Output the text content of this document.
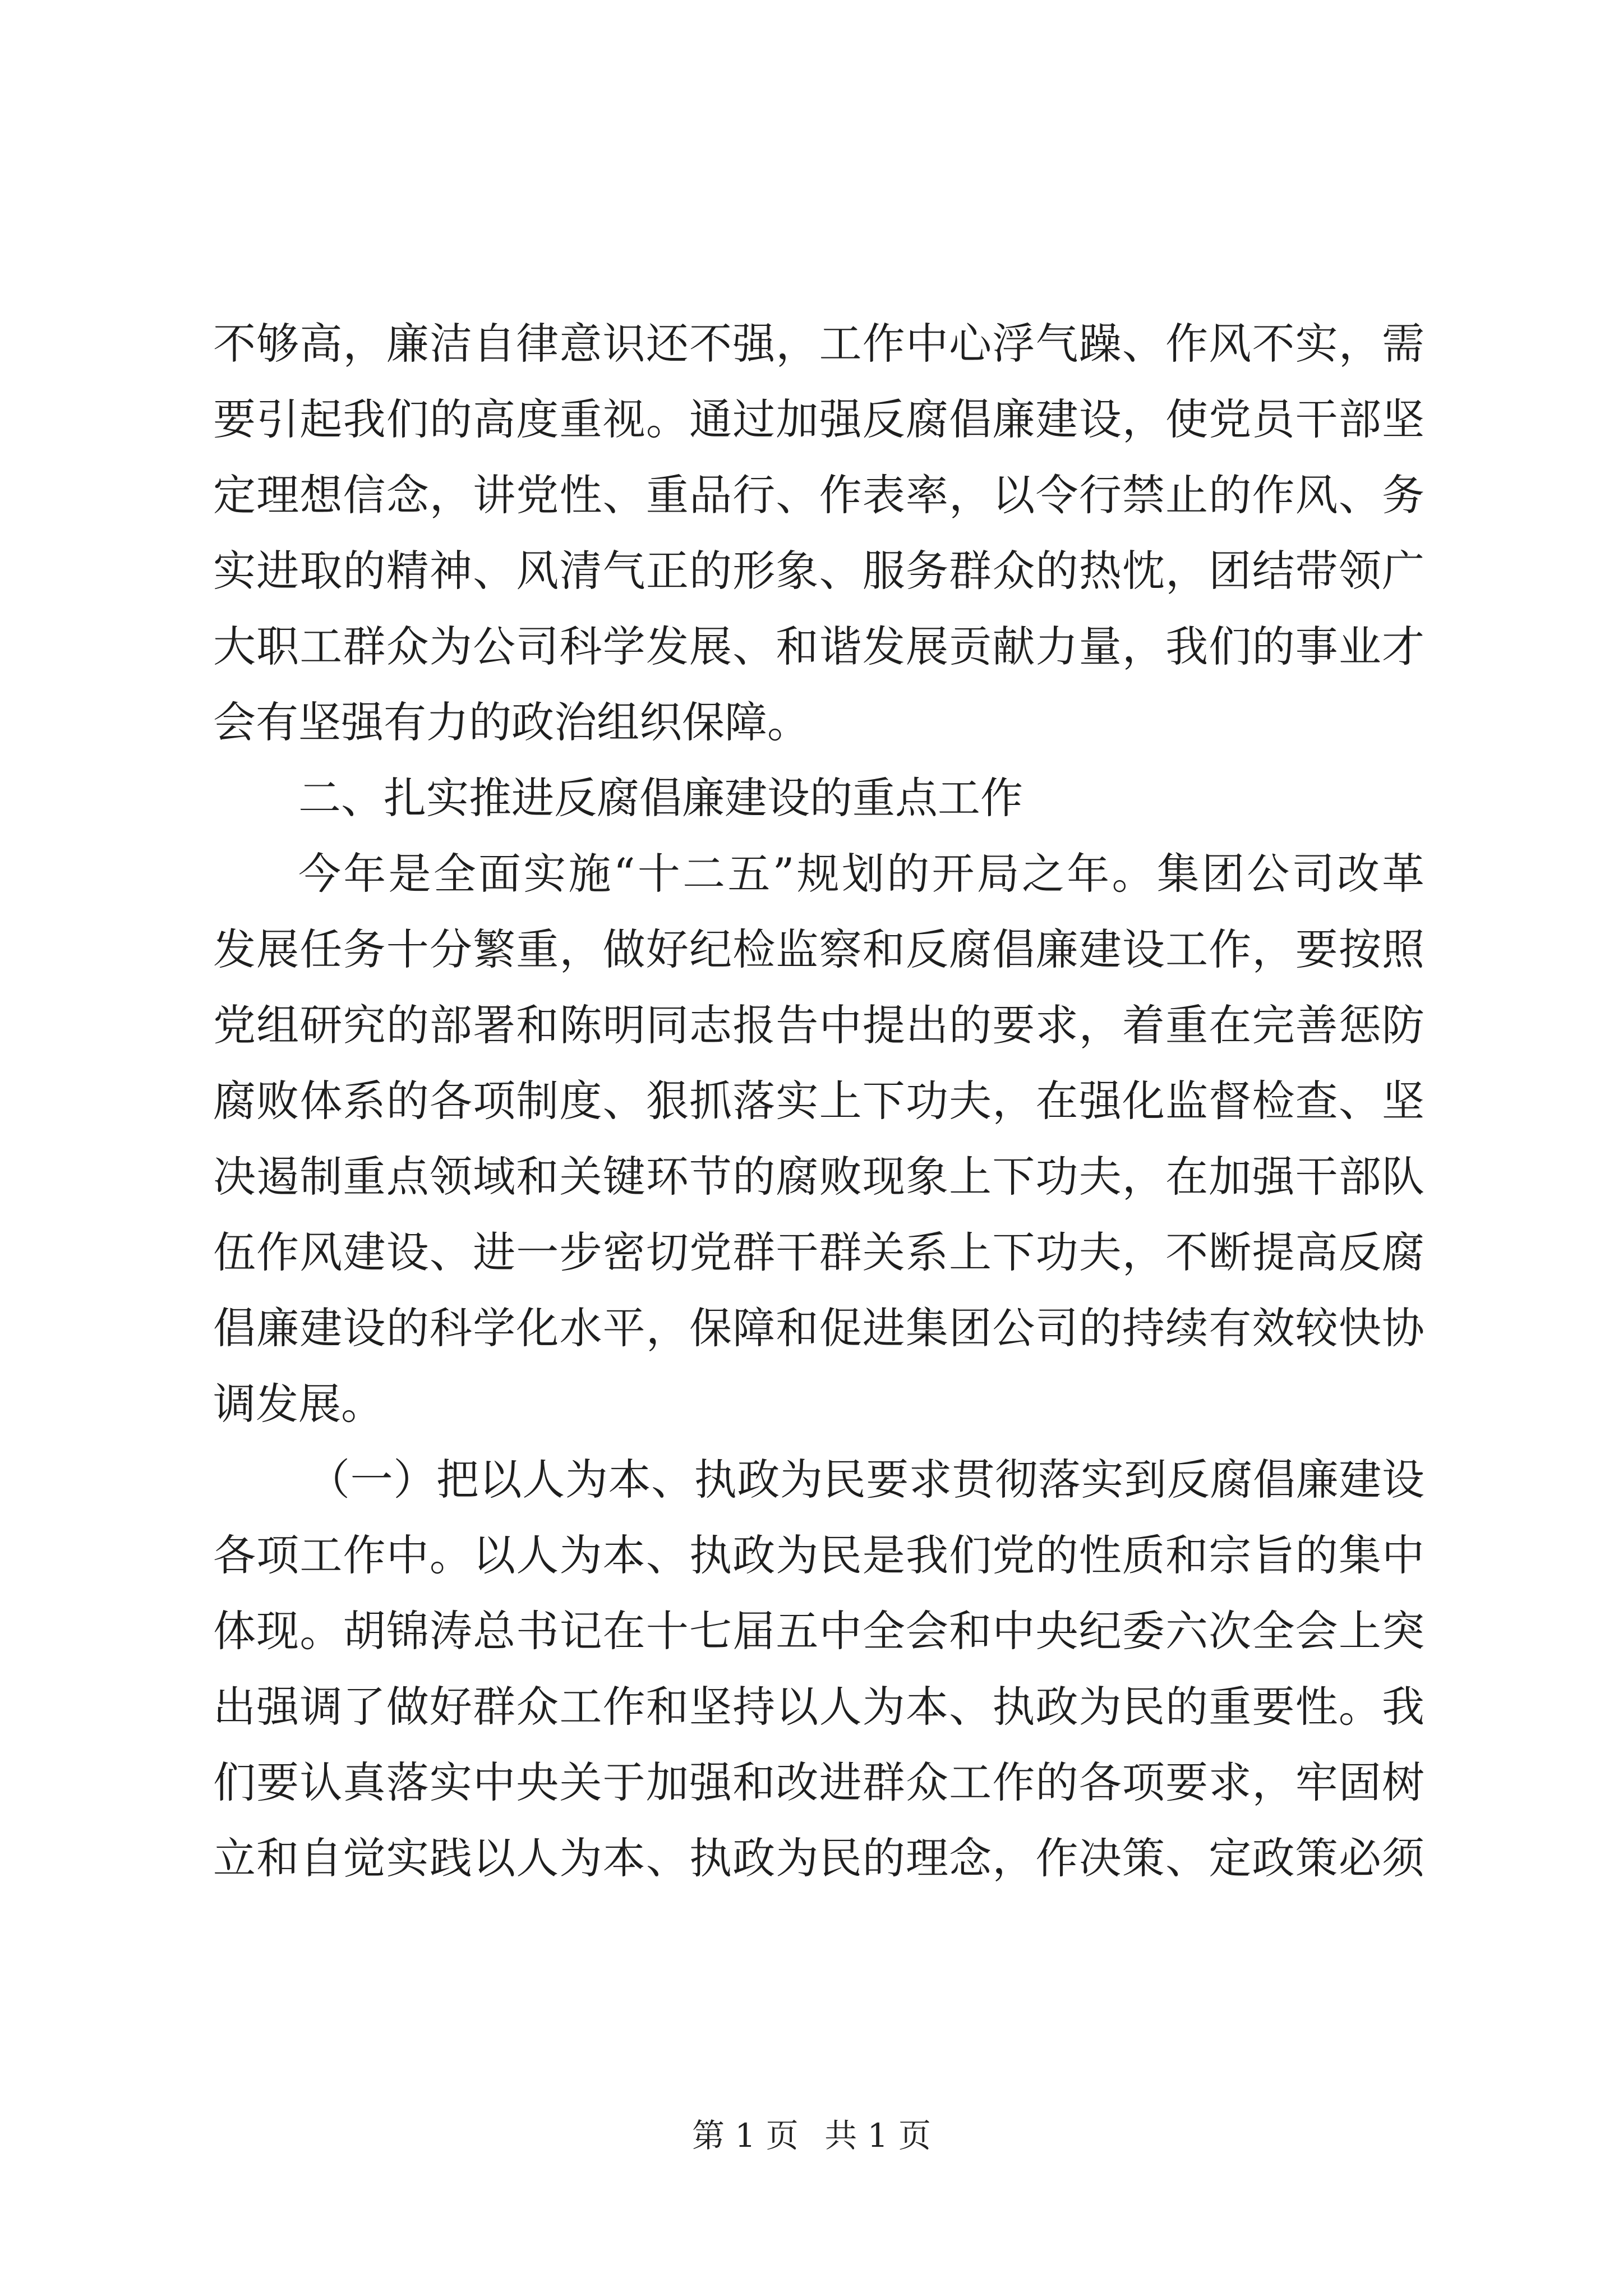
不够高，廉洁自律意识还不强，工作中心浮气躁、作风不实，需
要引起我们的高度重视。通过加强反腐倡廉建设，使党员干部坚
定理想信念，讲党性、重品行、作表率，以令行禁止的作风、务
实进取的精神、风清气正的形象、服务群众的热忱，团结带领广
大职工群众为公司科学发展、和谐发展贡献力量，我们的事业才
会有坚强有力的政治组织保障。
二、扎实推进反腐倡廉建设的重点工作
今年是全面实施“十二五”规划的开局之年。集团公司改革
发展任务十分繁重，做好纪检监察和反腐倡廉建设工作，要按照
党组研究的部署和陈明同志报告中提出的要求，着重在完善惩防
腐败体系的各项制度、狠抓落实上下功夫，在强化监督检查、坚
决遏制重点领域和关键环节的腐败现象上下功夫，在加强干部队
伍作风建设、进一步密切党群干群关系上下功夫，不断提高反腐
倡廉建设的科学化水平，保障和促进集团公司的持续有效较快协
调发展。
（一）把以人为本、执政为民要求贯彻落实到反腐倡廉建设
各项工作中。以人为本、执政为民是我们党的性质和宗旨的集中
体现。胡锦涛总书记在十七届五中全会和中央纪委六次全会上突
出强调了做好群众工作和坚持以人为本、执政为民的重要性。我
们要认真落实中央关于加强和改进群众工作的各项要求，牢固树
立和自觉实践以人为本、执政为民的理念，作决策、定政策必须
第 1 页 共 1 页
